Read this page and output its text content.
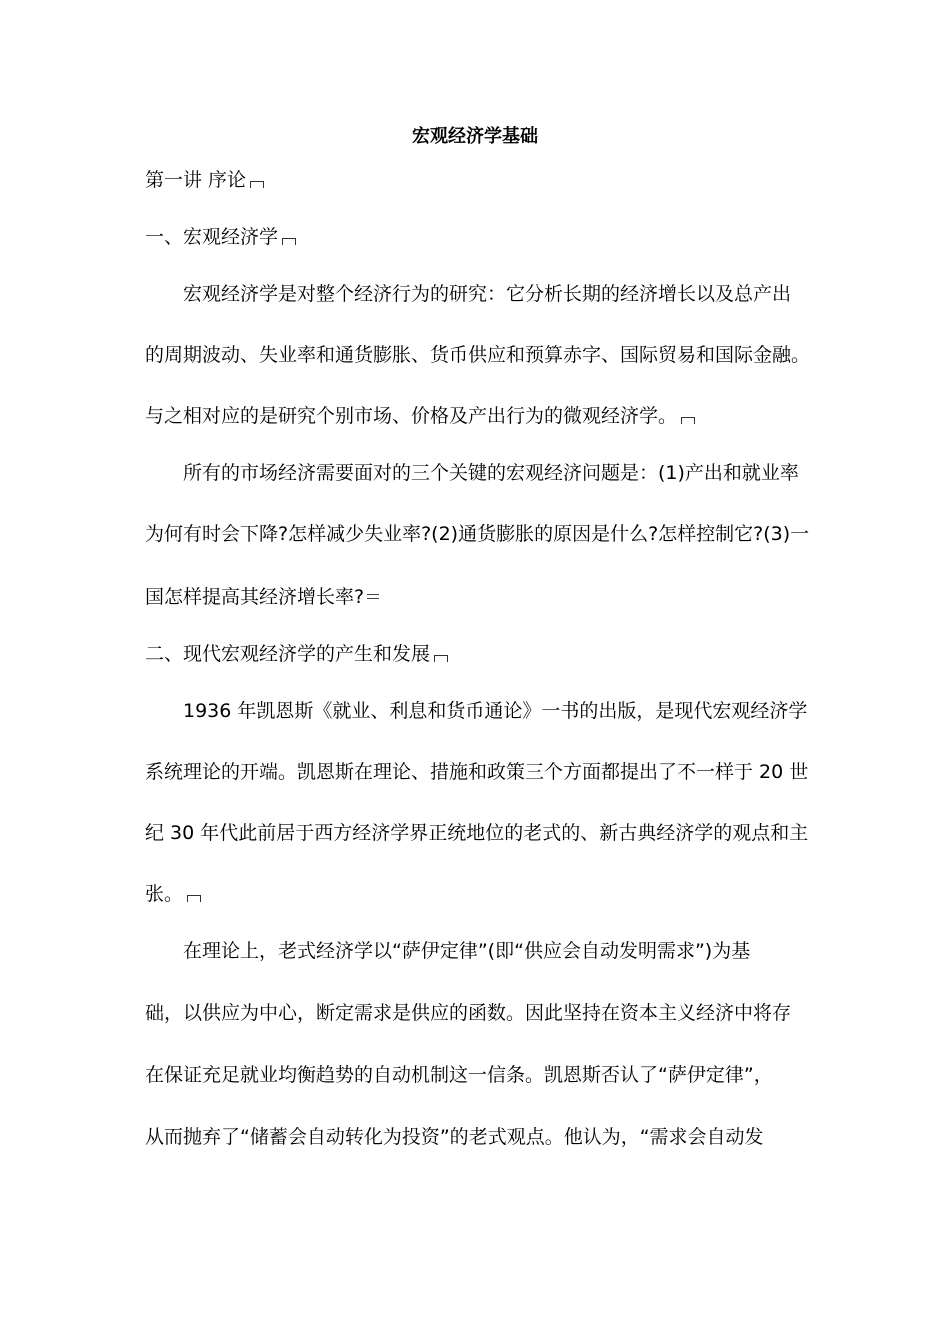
宏观经济学基础
第一讲 序论
一、宏观经济学
宏观经济学是对整个经济行为的研究：它分析长期的经济增长以及总产出
的周期波动、失业率和通货膨胀、货币供应和预算赤字、国际贸易和国际金融。
与之相对应的是研究个别市场、价格及产出行为的微观经济学。
所有的市场经济需要面对的三个关键的宏观经济问题是：(1)产出和就业率
为何有时会下降?怎样减少失业率?(2)通货膨胀的原因是什么?怎样控制它?(3)一
国怎样提高其经济增长率?
二、现代宏观经济学的产生和发展
1936 年凯恩斯《就业、利息和货币通论》一书的出版，是现代宏观经济学
系统理论的开端。凯恩斯在理论、措施和政策三个方面都提出了不一样于 20 世
纪 30 年代此前居于西方经济学界正统地位的老式的、新古典经济学的观点和主
张。
在理论上，老式经济学以“萨伊定律”(即“供应会自动发明需求”)为基
础，以供应为中心，断定需求是供应的函数。因此坚持在资本主义经济中将存
在保证充足就业均衡趋势的自动机制这一信条。凯恩斯否认了“萨伊定律”，
从而抛弃了“储蓄会自动转化为投资”的老式观点。他认为，“需求会自动发
